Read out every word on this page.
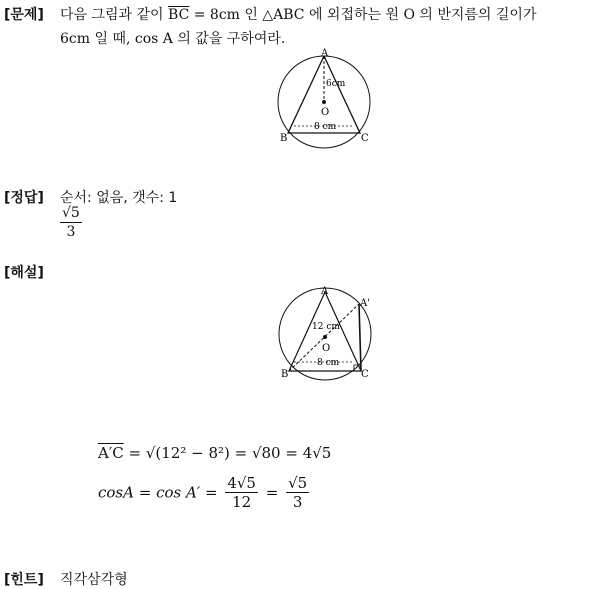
[문제] 다음 그림과 같이 $\overline{BC} = 8cm$ 인 △ABC 에 외접하는 원 O 의 반지름의 길이가
6cm 일 때, cos A 의 값을 구하여라.
A
B	C
O
6cm
8 cm
[정답] 순서: 없음, 갯수: 1
$\frac{√5}{3}$
[해설]
A
A'
B	C
O
12 cm
8 cm
A′C = √(12² − 8²) = √80 = 4√5
$\cos A = \cos A' = \frac{4√5}{12} = \frac{√5}{3}$
[힌트] 직각삼각형
